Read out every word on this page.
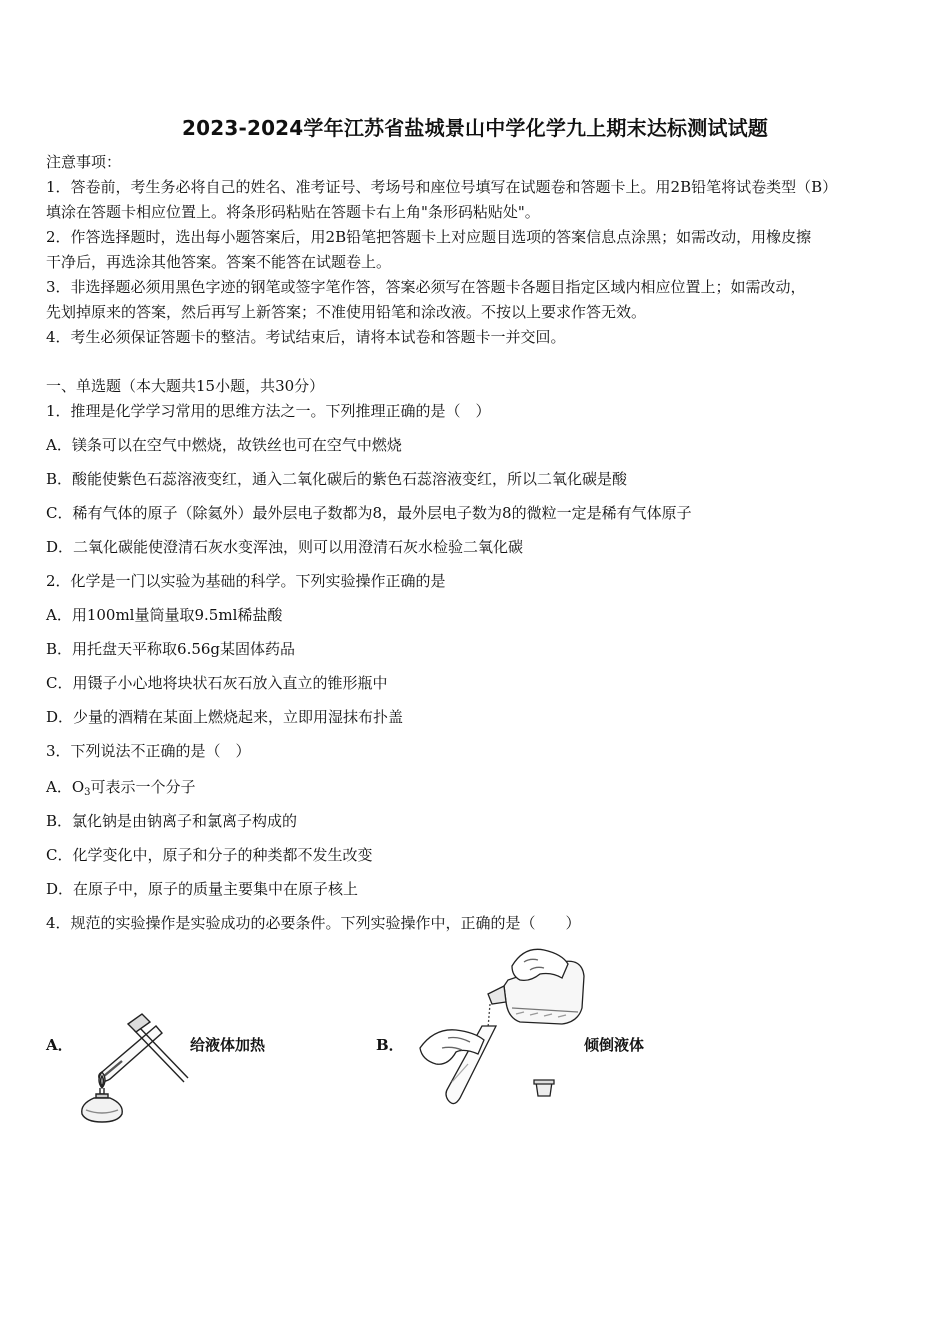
2023-2024学年江苏省盐城景山中学化学九上期末达标测试试题
注意事项：
1．答卷前，考生务必将自己的姓名、准考证号、考场号和座位号填写在试题卷和答题卡上。用2B铅笔将试卷类型（B）
填涂在答题卡相应位置上。将条形码粘贴在答题卡右上角"条形码粘贴处"。
2．作答选择题时，选出每小题答案后，用2B铅笔把答题卡上对应题目选项的答案信息点涂黑；如需改动，用橡皮擦
干净后，再选涂其他答案。答案不能答在试题卷上。
3．非选择题必须用黑色字迹的钢笔或签字笔作答，答案必须写在答题卡各题目指定区域内相应位置上；如需改动，
先划掉原来的答案，然后再写上新答案；不准使用铅笔和涂改液。不按以上要求作答无效。
4．考生必须保证答题卡的整洁。考试结束后，请将本试卷和答题卡一并交回。
一、单选题（本大题共15小题，共30分）
1．推理是化学学习常用的思维方法之一。下列推理正确的是（　）
A．镁条可以在空气中燃烧，故铁丝也可在空气中燃烧
B．酸能使紫色石蕊溶液变红，通入二氧化碳后的紫色石蕊溶液变红，所以二氧化碳是酸
C．稀有气体的原子（除氦外）最外层电子数都为8，最外层电子数为8的微粒一定是稀有气体原子
D．二氧化碳能使澄清石灰水变浑浊，则可以用澄清石灰水检验二氧化碳
2．化学是一门以实验为基础的科学。下列实验操作正确的是
A．用100ml量筒量取9.5ml稀盐酸
B．用托盘天平称取6.56g某固体药品
C．用镊子小心地将块状石灰石放入直立的锥形瓶中
D．少量的酒精在某面上燃烧起来，立即用湿抹布扑盖
3．下列说法不正确的是（　）
A．$O_3$可表示一个分子
B．氯化钠是由钠离子和氯离子构成的
C．化学变化中，原子和分子的种类都不发生改变
D．在原子中，原子的质量主要集中在原子核上
4．规范的实验操作是实验成功的必要条件。下列实验操作中，正确的是（　　）
A．	给液体加热	B．	倾倒液体
